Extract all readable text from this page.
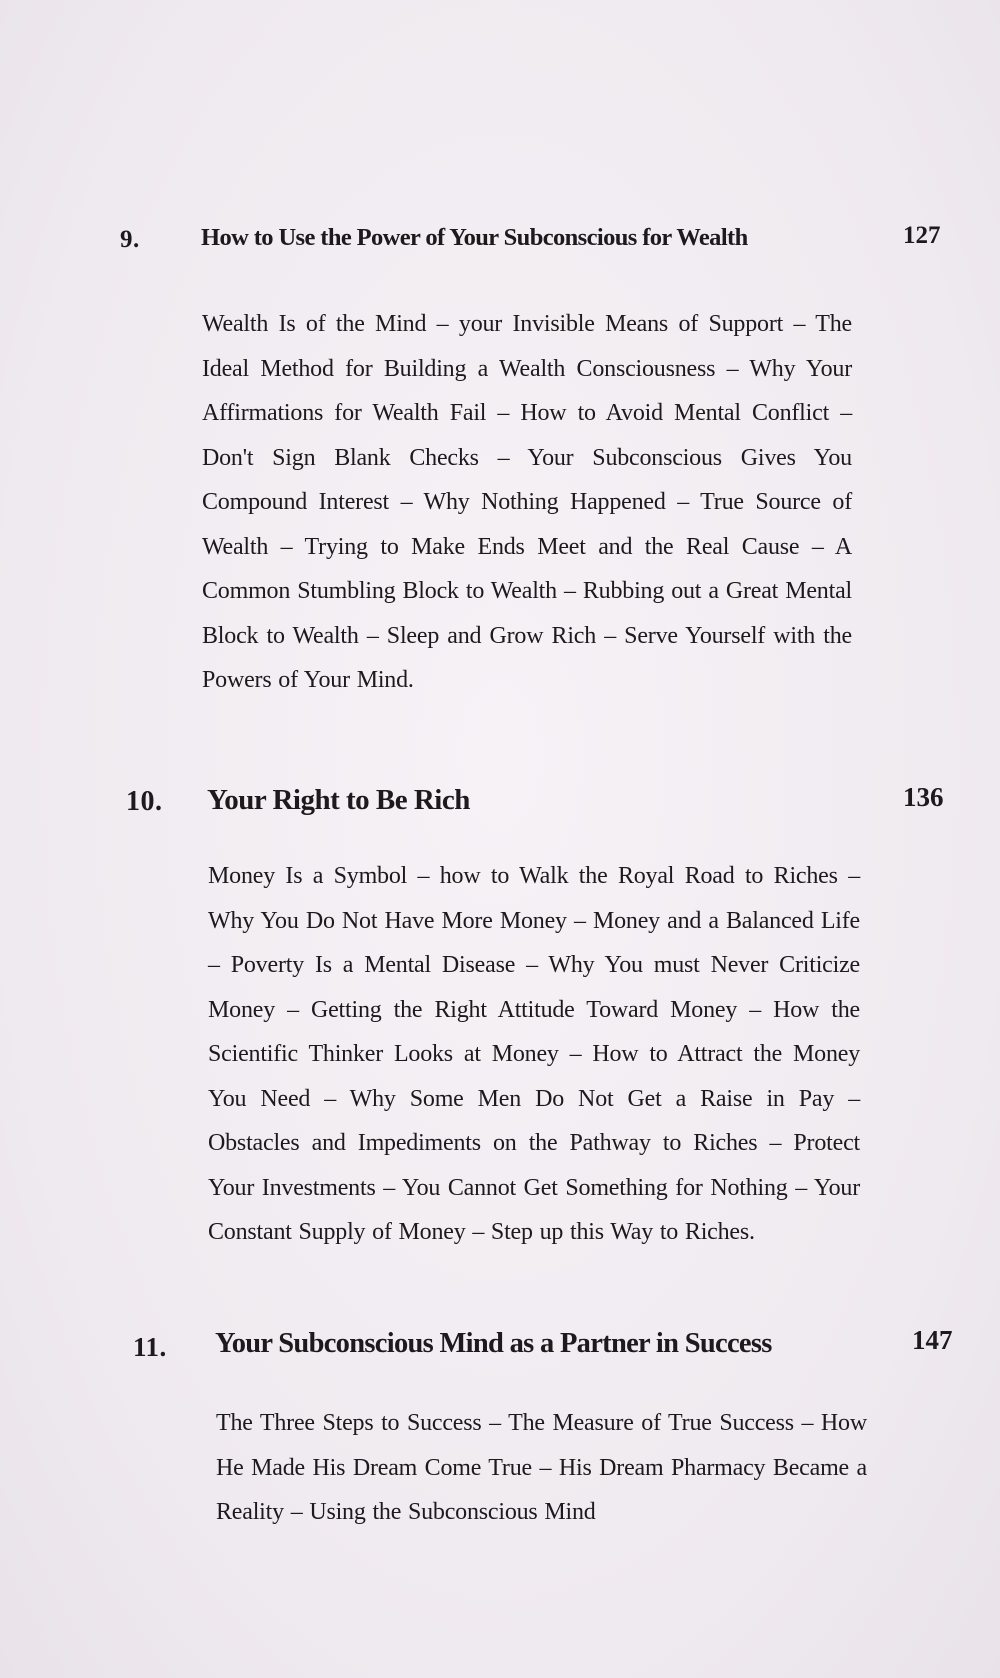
9.	How to Use the Power of Your Subconscious for Wealth	127

Wealth Is of the Mind – your Invisible Means of Support – The Ideal Method for Building a Wealth Consciousness – Why Your Affirmations for Wealth Fail – How to Avoid Mental Conflict – Don't Sign Blank Checks – Your Subconscious Gives You Compound Interest – Why Nothing Happened – True Source of Wealth – Trying to Make Ends Meet and the Real Cause – A Common Stumbling Block to Wealth – Rubbing out a Great Mental Block to Wealth – Sleep and Grow Rich – Serve Yourself with the Powers of Your Mind.

10. Your Right to Be Rich	136

Money Is a Symbol – how to Walk the Royal Road to Riches – Why You Do Not Have More Money – Money and a Balanced Life – Poverty Is a Mental Disease – Why You must Never Criticize Money – Getting the Right Attitude Toward Money – How the Scientific Thinker Looks at Money – How to Attract the Money You Need – Why Some Men Do Not Get a Raise in Pay – Obstacles and Impediments on the Pathway to Riches – Protect Your Investments – You Cannot Get Something for Nothing – Your Constant Supply of Money – Step up this Way to Riches.

11. Your Subconscious Mind as a Partner in Success	147

The Three Steps to Success – The Measure of True Success – How He Made His Dream Come True – His Dream Pharmacy Became a Reality – Using the Subconscious Mind
